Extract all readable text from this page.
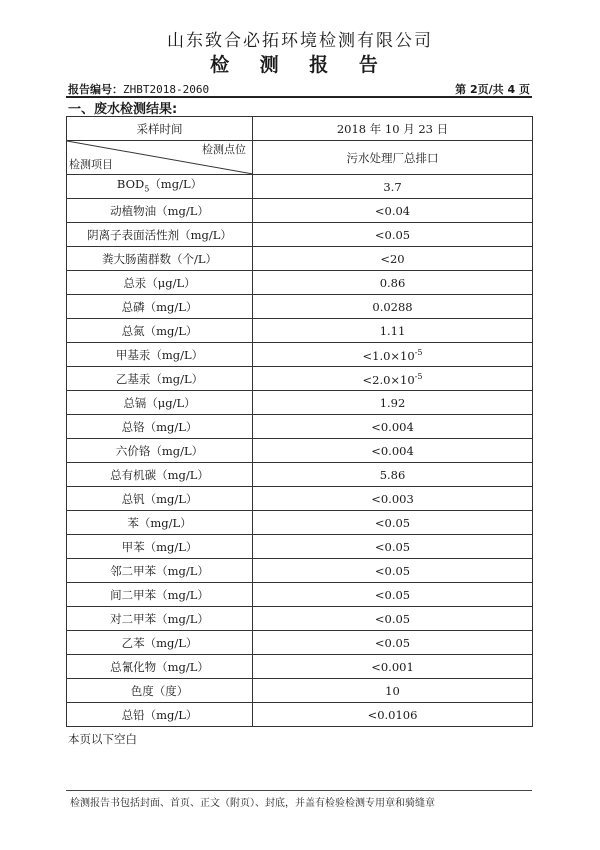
山东致合必拓环境检测有限公司
检 测 报 告
报告编号：ZHBT2018-2060	第 2页/共 4 页
一、废水检测结果:
采样时间	2018 年 10 月 23 日

检测点位
检测项目	污水处理厂总排口
$BOD_5(mg/L)$	3.7
动植物油（mg/L）	<0.04
阴离子表面活性剂（mg/L）	<0.05
粪大肠菌群数（个/L）	<20
总汞（μg/L）	0.86
总磷（mg/L）	0.0288
总氮（mg/L）	1.11
甲基汞（mg/L）	$<1.0\times 10^{-5}$
乙基汞（mg/L）	$<2.0\times 10^{-5}$
总镉（μg/L）	1.92
总铬（mg/L）	<0.004
六价铬（mg/L）	<0.004
总有机碳（mg/L）	5.86
总钒（mg/L）	<0.003
苯（mg/L）	<0.05
甲苯（mg/L）	<0.05
邻二甲苯（mg/L）	<0.05
间二甲苯（mg/L）	<0.05
对二甲苯（mg/L）	<0.05
乙苯（mg/L）	<0.05
总氰化物（mg/L）	<0.001
色度（度）	10
总铅（mg/L）	<0.0106
本页以下空白
检测报告书包括封面、首页、正文（附页）、封底，并盖有检验检测专用章和骑缝章
